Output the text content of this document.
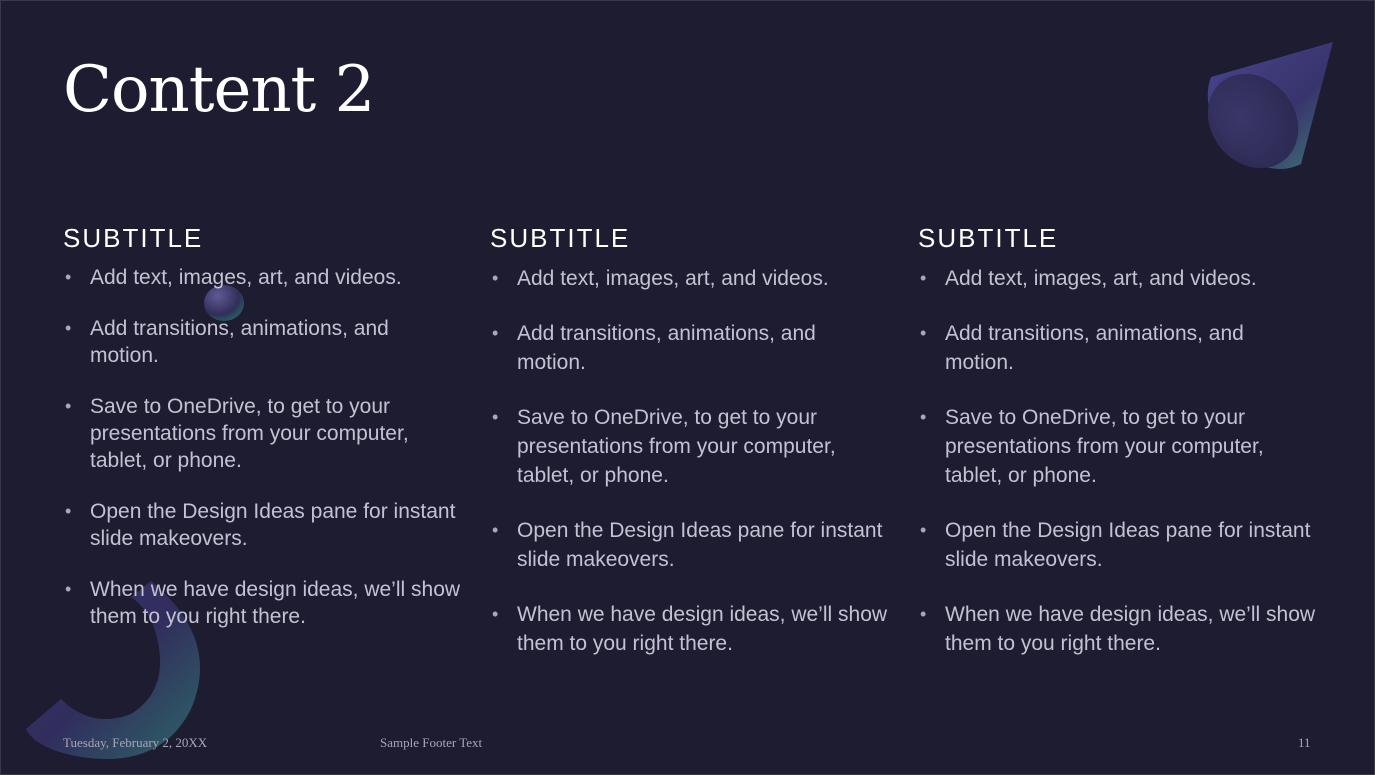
Content 2
SUBTITLE
• Add text, images, art, and videos.
• Add transitions, animations, and motion.
• Save to OneDrive, to get to your presentations from your computer, tablet, or phone.
• Open the Design Ideas pane for instant slide makeovers.
• When we have design ideas, we’ll show them to you right there.
SUBTITLE
• Add text, images, art, and videos.
• Add transitions, animations, and motion.
• Save to OneDrive, to get to your presentations from your computer, tablet, or phone.
• Open the Design Ideas pane for instant slide makeovers.
• When we have design ideas, we’ll show them to you right there.
SUBTITLE
• Add text, images, art, and videos.
• Add transitions, animations, and motion.
• Save to OneDrive, to get to your presentations from your computer, tablet, or phone.
• Open the Design Ideas pane for instant slide makeovers.
• When we have design ideas, we’ll show them to you right there.
Tuesday, February 2, 20XX	Sample Footer Text	11
